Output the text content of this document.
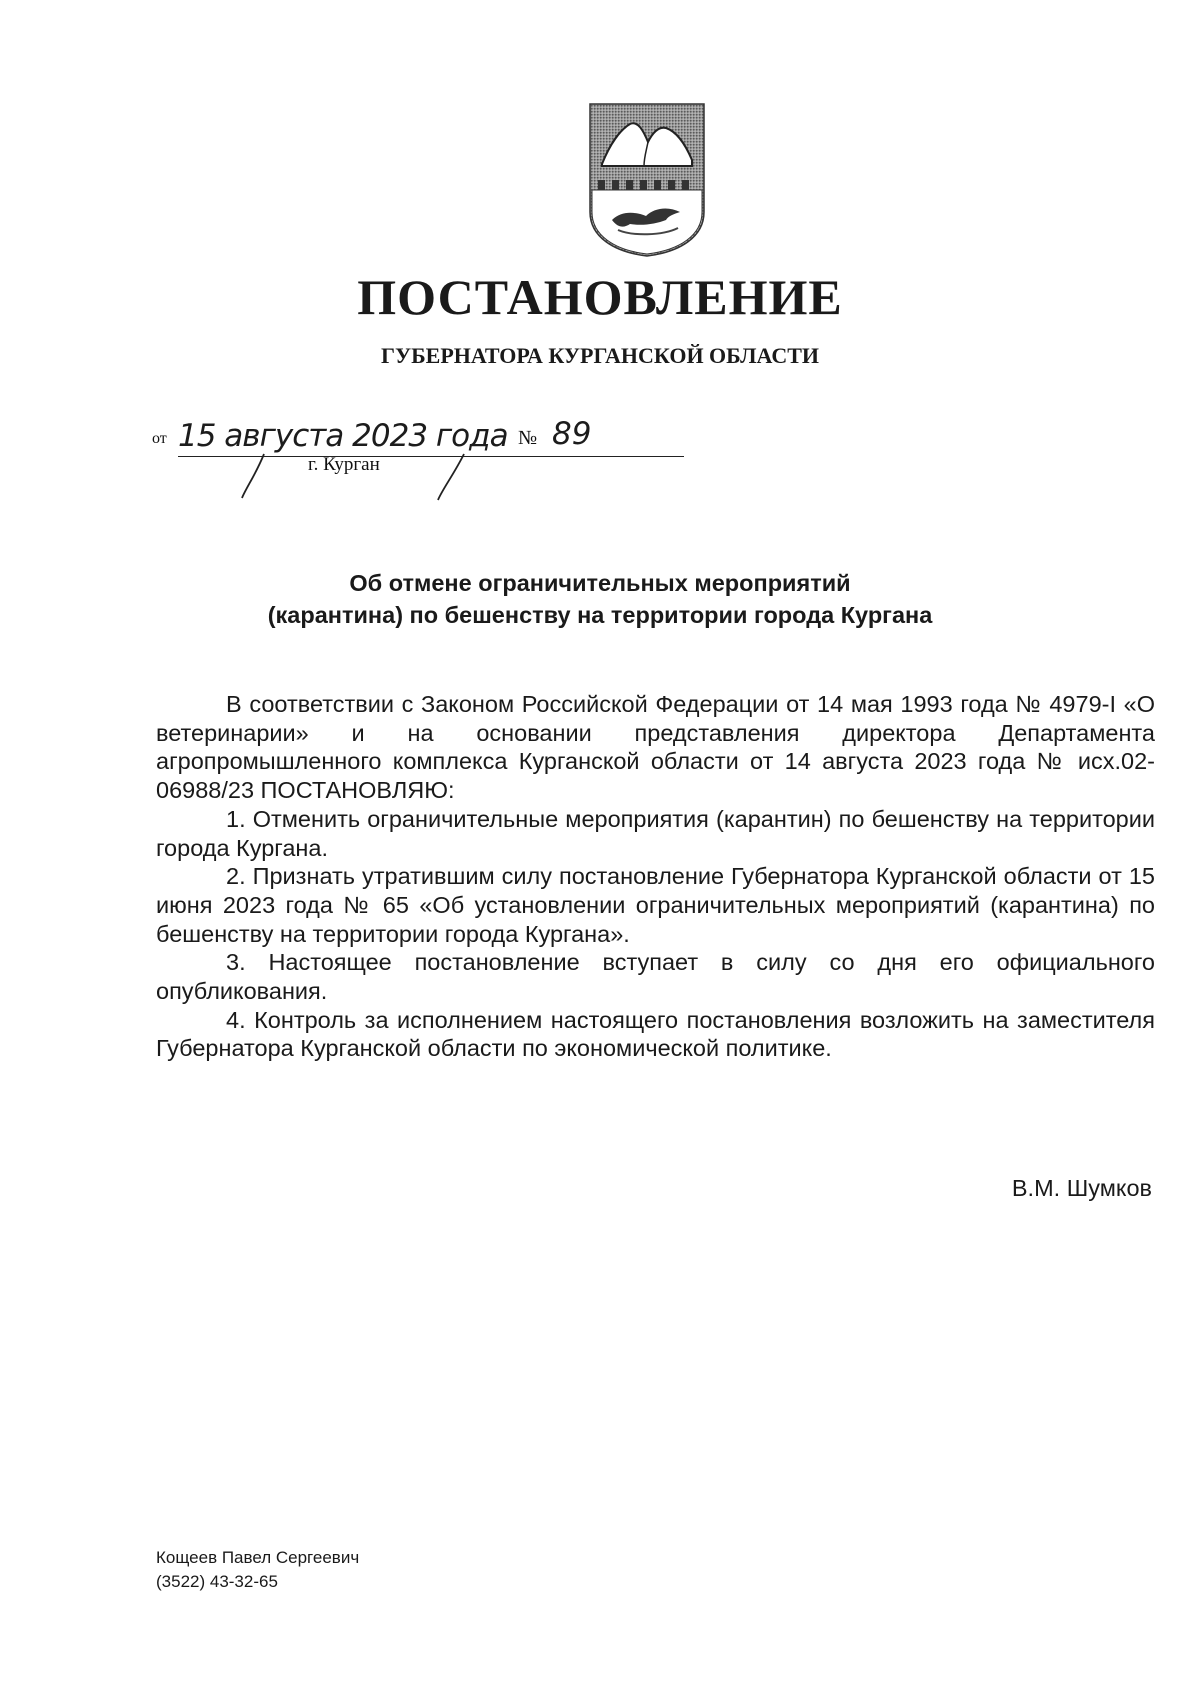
ПОСТАНОВЛЕНИЕ
ГУБЕРНАТОРА КУРГАНСКОЙ ОБЛАСТИ
от 15 августа 2023 года № 89
г. Курган
Об отмене ограничительных мероприятий
(карантина) по бешенству на территории города Кургана

В соответствии с Законом Российской Федерации от 14 мая 1993 года № 4979-I «О ветеринарии» и на основании представления директора Департамента агропромышленного комплекса Курганской области от 14 августа 2023 года № исх.02-06988/23 ПОСТАНОВЛЯЮ:

1. Отменить ограничительные мероприятия (карантин) по бешенству на территории города Кургана.

2. Признать утратившим силу постановление Губернатора Курганской области от 15 июня 2023 года № 65 «Об установлении ограничительных мероприятий (карантина) по бешенству на территории города Кургана».

3. Настоящее постановление вступает в силу со дня его официального опубликования.

4. Контроль за исполнением настоящего постановления возложить на заместителя Губернатора Курганской области по экономической политике.

В.М. Шумков
Кощеев Павел Сергеевич
(3522) 43-32-65
